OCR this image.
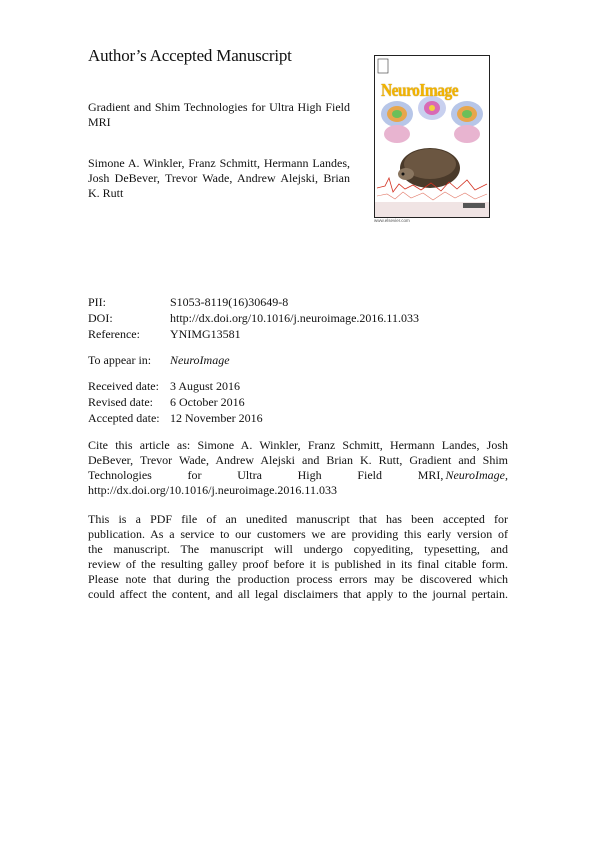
Author’s Accepted Manuscript
Gradient and Shim Technologies for Ultra High Field MRI
Simone A. Winkler, Franz Schmitt, Hermann Landes, Josh DeBever, Trevor Wade, Andrew Alejski, Brian K. Rutt
NeuroImage
www.elsevier.com
PII:	S1053-8119(16)30649-8
DOI:	http://dx.doi.org/10.1016/j.neuroimage.2016.11.033
Reference:	YNIMG13581
To appear in:	NeuroImage
Received date: 3 August 2016
Revised date:	6 October 2016
Accepted date: 12 November 2016
Cite this article as: Simone A. Winkler, Franz Schmitt, Hermann Landes, Josh
DeBever, Trevor Wade, Andrew Alejski and Brian K. Rutt, Gradient and Shim
Technologies	for	Ultra	High	Field	MRI, NeuroImage,
http://dx.doi.org/10.1016/j.neuroimage.2016.11.033
This is a PDF file of an unedited manuscript that has been accepted for
publication. As a service to our customers we are providing this early version of
the manuscript. The manuscript will undergo copyediting, typesetting, and
review of the resulting galley proof before it is published in its final citable form.
Please note that during the production process errors may be discovered which
could affect the content, and all legal disclaimers that apply to the journal pertain.
